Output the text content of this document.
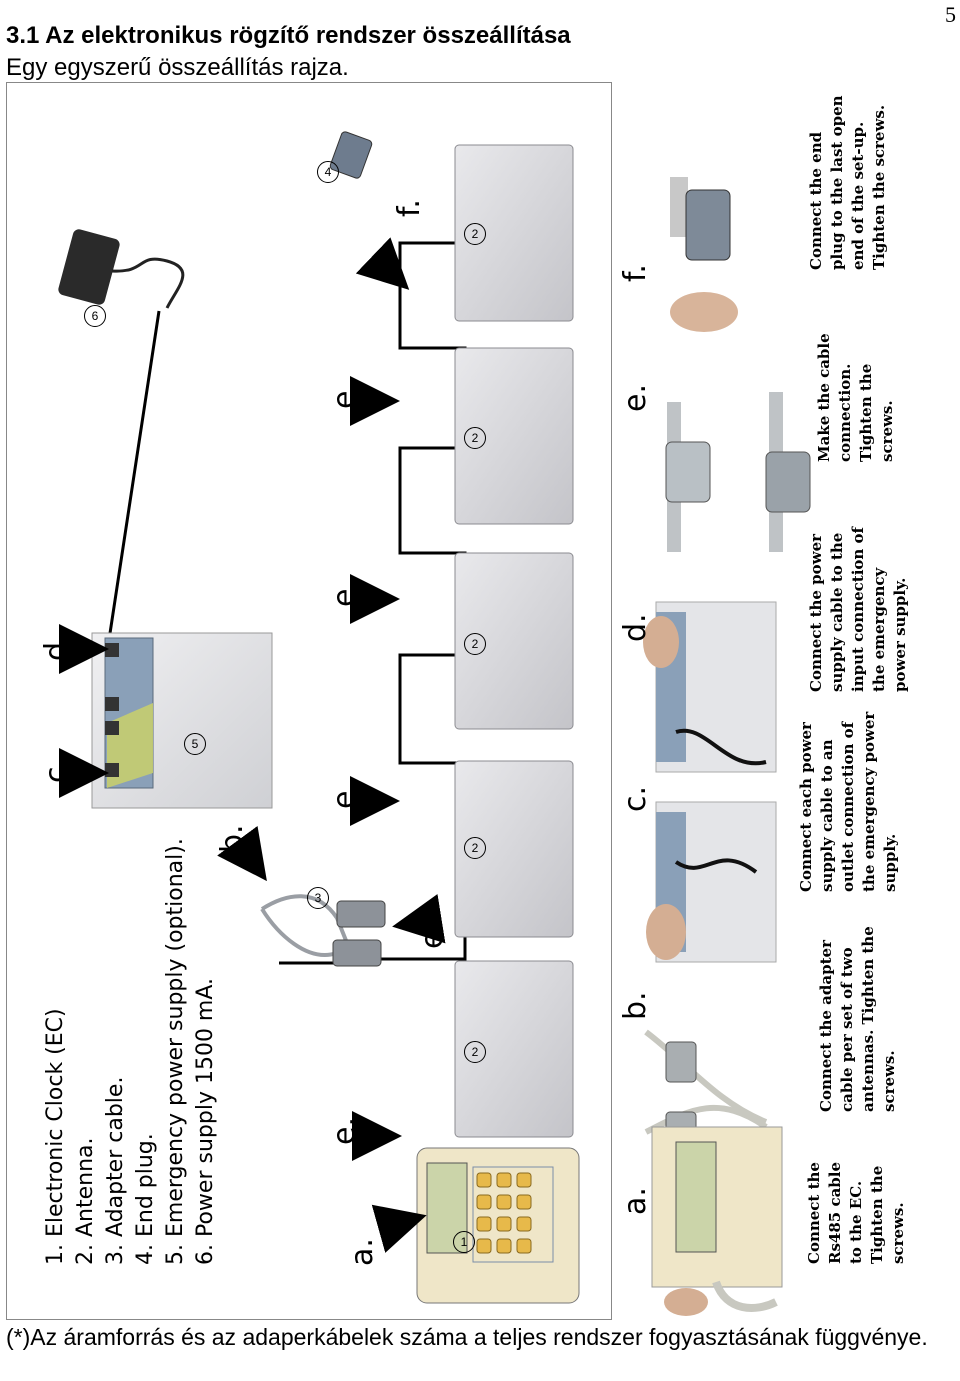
5
3.1 Az elektronikus rögzítő rendszer összeállítása
Egy egyszerű összeállítás rajza.
1
2
2
2
2
2
3
4
5
6
1. Electronic Clock (EC) 2. Antenna. 3. Adapter cable. 4. End plug. 5. Emergency power supply (optional). 6. Power supply 1500 mA.	a.
e.
e.
e.
e.
e.
f.
b.
c.
d.
f.
e.
d.
c.
b.
a.
Connect the end plug to the last open end of the set-up. Tighten the screws.
Make the cable connection. Tighten the screws.
Connect the power supply cable to the input connection of the emergency power supply.
Connect each power supply cable to an outlet connection of the emergency power supply.
Connect the adapter cable per set of two antennas. Tighten the screws.
Connect the Rs485 cable to the EC. Tighten the screws.
(*)Az áramforrás és az adaperkábelek száma a teljes rendszer fogyasztásának függvénye.
